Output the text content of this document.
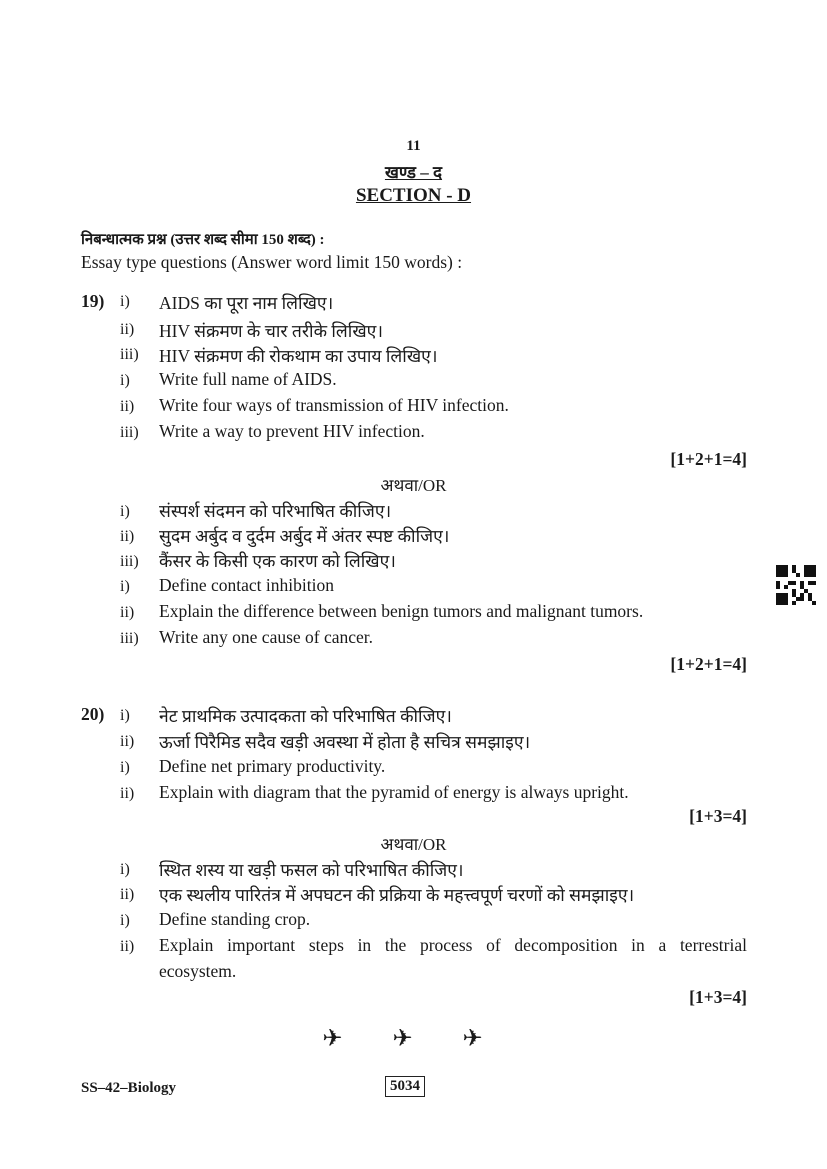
11
खण्ड – द
SECTION - D
निबन्धात्मक प्रश्न (उत्तर शब्द सीमा 150 शब्द) :
Essay type questions (Answer word limit 150 words) :
19) i) AIDS का पूरा नाम लिखिए।
ii) HIV संक्रमण के चार तरीके लिखिए।
iii) HIV संक्रमण की रोकथाम का उपाय लिखिए।
i) Write full name of AIDS.
ii) Write four ways of transmission of HIV infection.
iii) Write a way to prevent HIV infection.
[1+2+1=4]
अथवा/OR
i) संस्पर्श संदमन को परिभाषित कीजिए।
ii) सुदम अर्बुद व दुर्दम अर्बुद में अंतर स्पष्ट कीजिए।
iii) कैंसर के किसी एक कारण को लिखिए।
i) Define contact inhibition
ii) Explain the difference between benign tumors and malignant tumors.
iii) Write any one cause of cancer.
[1+2+1=4]
20) i) नेट प्राथमिक उत्पादकता को परिभाषित कीजिए।
ii) ऊर्जा पिरैमिड सदैव खड़ी अवस्था में होता है सचित्र समझाइए।
i) Define net primary productivity.
ii) Explain with diagram that the pyramid of energy is always upright.
[1+3=4]
अथवा/OR
i) स्थित शस्य या खड़ी फसल को परिभाषित कीजिए।
ii) एक स्थलीय पारितंत्र में अपघटन की प्रक्रिया के महत्त्वपूर्ण चरणों को समझाइए।
i) Define standing crop.
ii) Explain important steps in the process of decomposition in a terrestrial
ecosystem.
[1+3=4]
✈ ✈ ✈
SS–42–Biology	5034
